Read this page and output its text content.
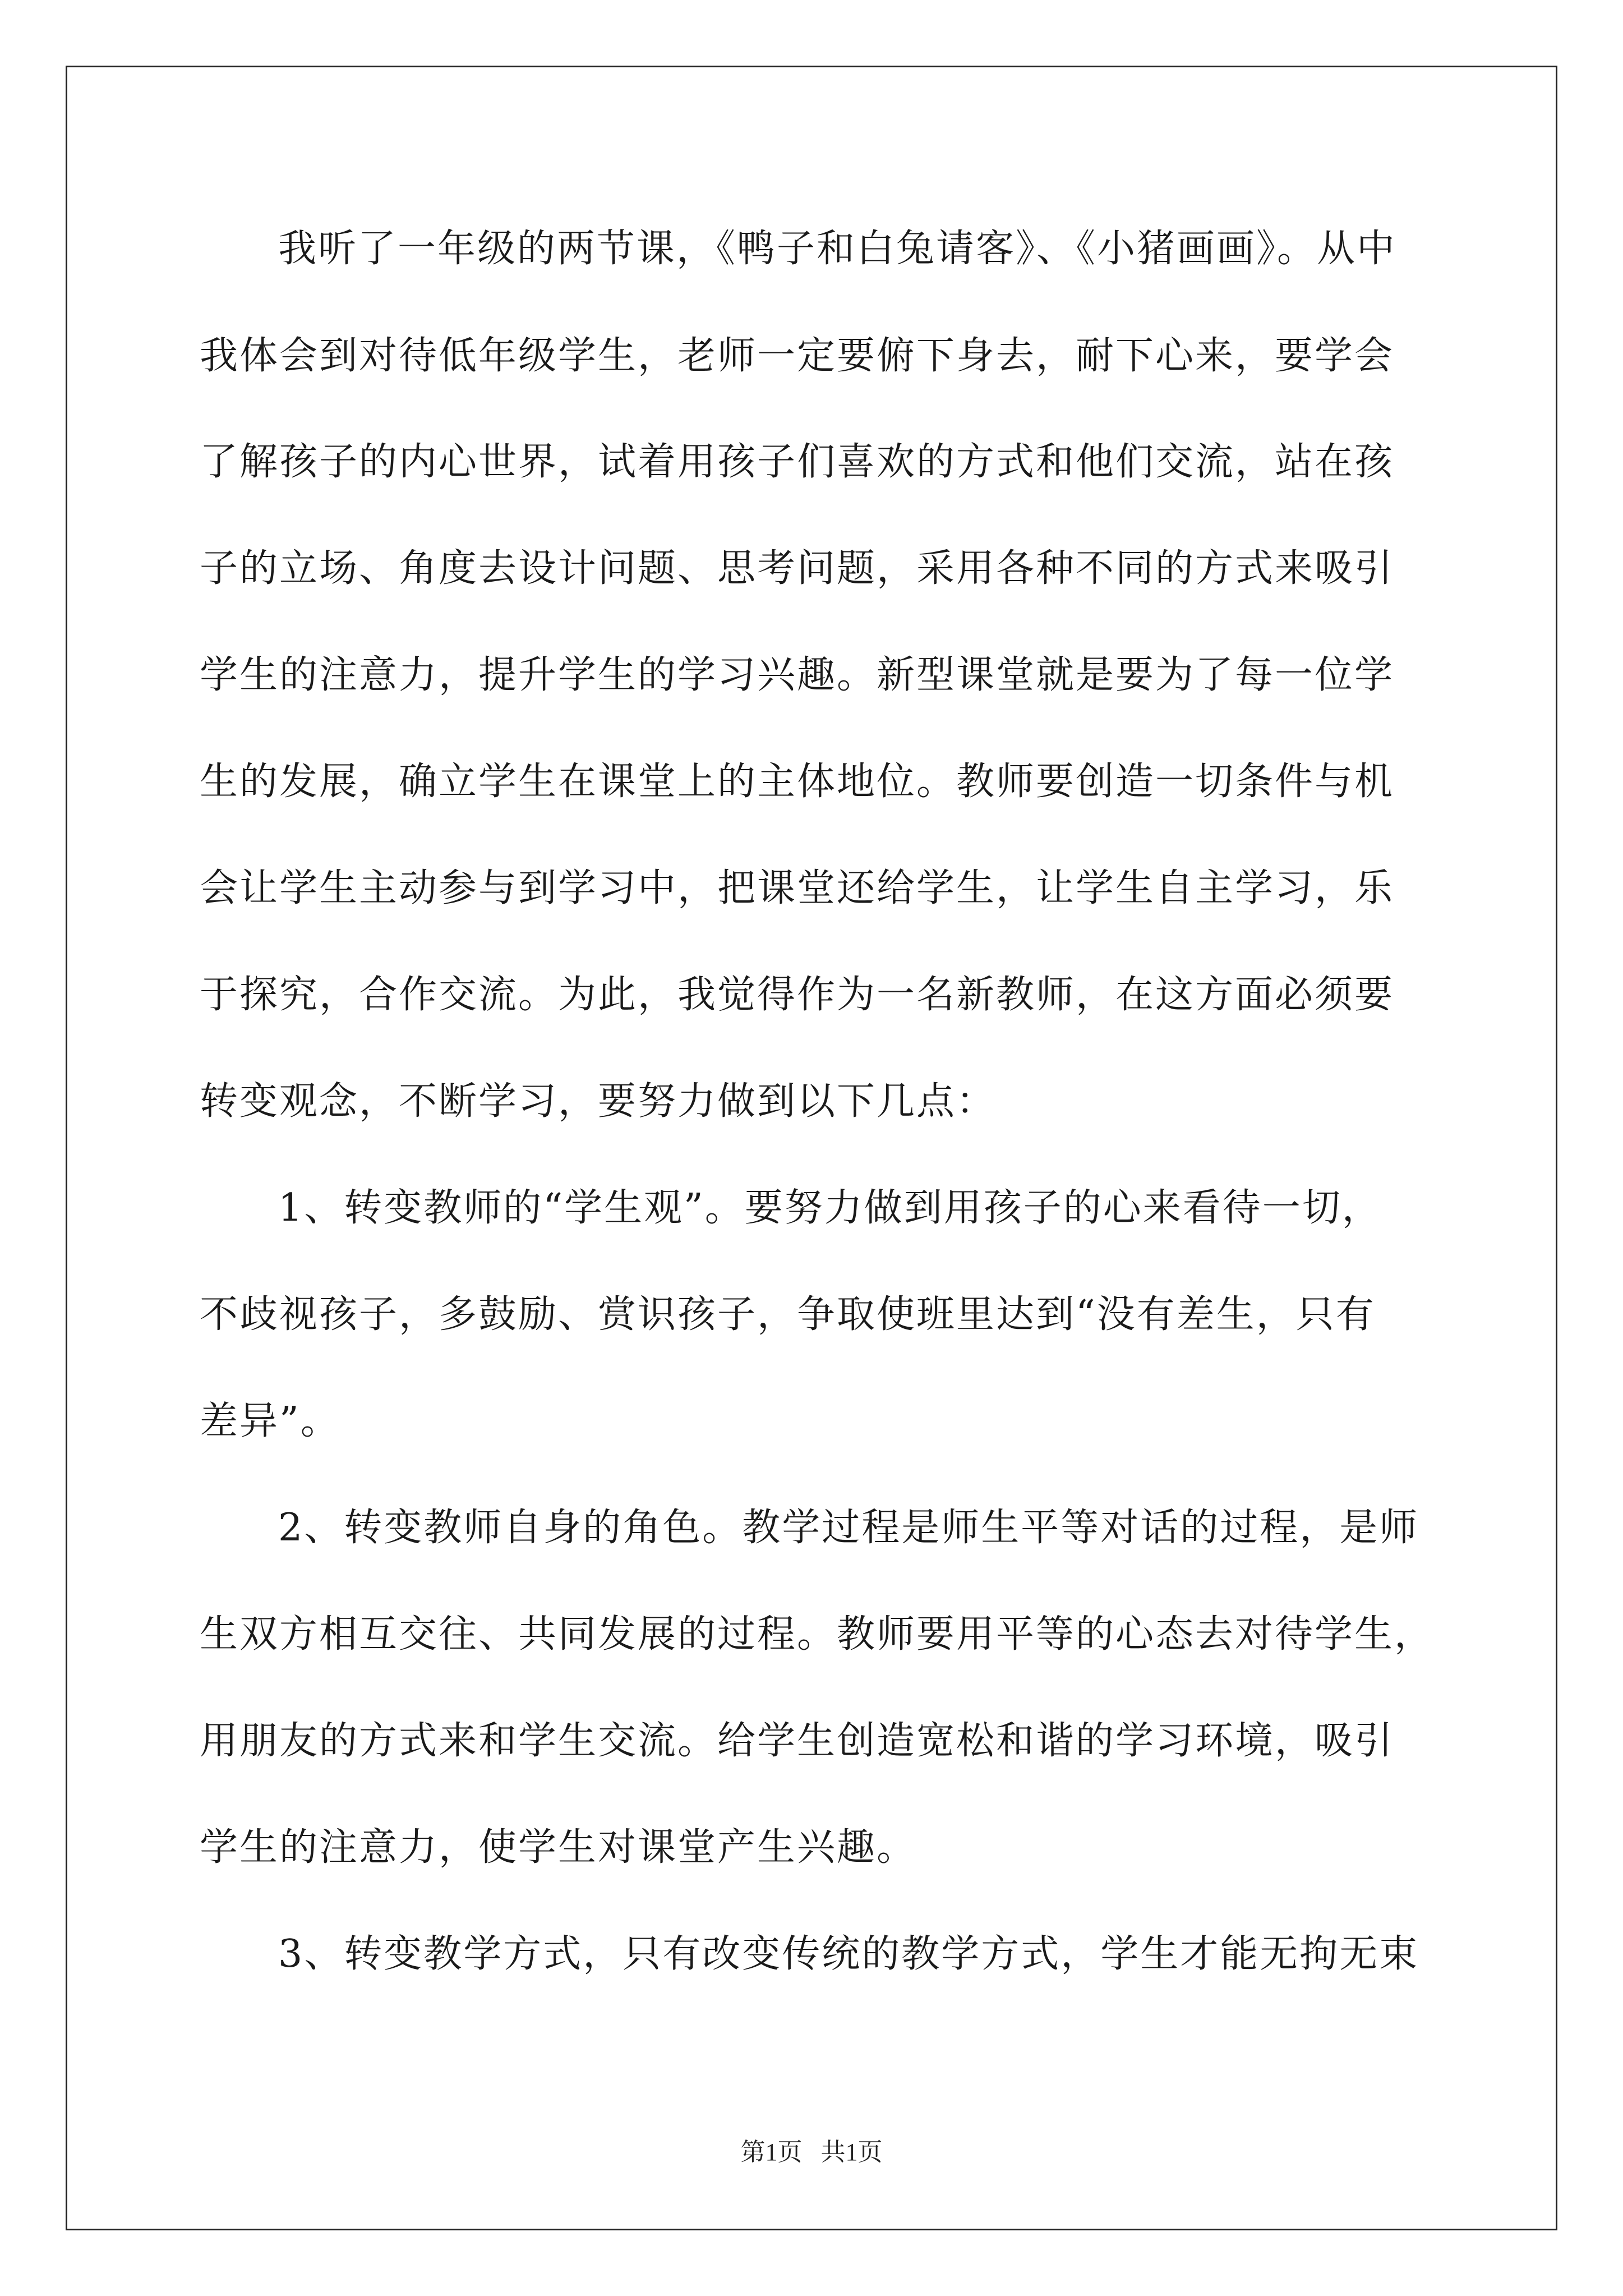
我听了一年级的两节课，《鸭子和白兔请客》、《小猪画画》。从中
我体会到对待低年级学生，老师一定要俯下身去，耐下心来，要学会
了解孩子的内心世界，试着用孩子们喜欢的方式和他们交流，站在孩
子的立场、角度去设计问题、思考问题，采用各种不同的方式来吸引
学生的注意力，提升学生的学习兴趣。新型课堂就是要为了每一位学
生的发展，确立学生在课堂上的主体地位。教师要创造一切条件与机
会让学生主动参与到学习中，把课堂还给学生，让学生自主学习，乐
于探究，合作交流。为此，我觉得作为一名新教师，在这方面必须要
转变观念，不断学习，要努力做到以下几点：
1、转变教师的“学生观”。要努力做到用孩子的心来看待一切，
不歧视孩子，多鼓励、赏识孩子，争取使班里达到“没有差生，只有
差异”。
2、转变教师自身的角色。教学过程是师生平等对话的过程，是师
生双方相互交往、共同发展的过程。教师要用平等的心态去对待学生，
用朋友的方式来和学生交流。给学生创造宽松和谐的学习环境，吸引
学生的注意力，使学生对课堂产生兴趣。
3、转变教学方式，只有改变传统的教学方式，学生才能无拘无束
第1页   共1页
